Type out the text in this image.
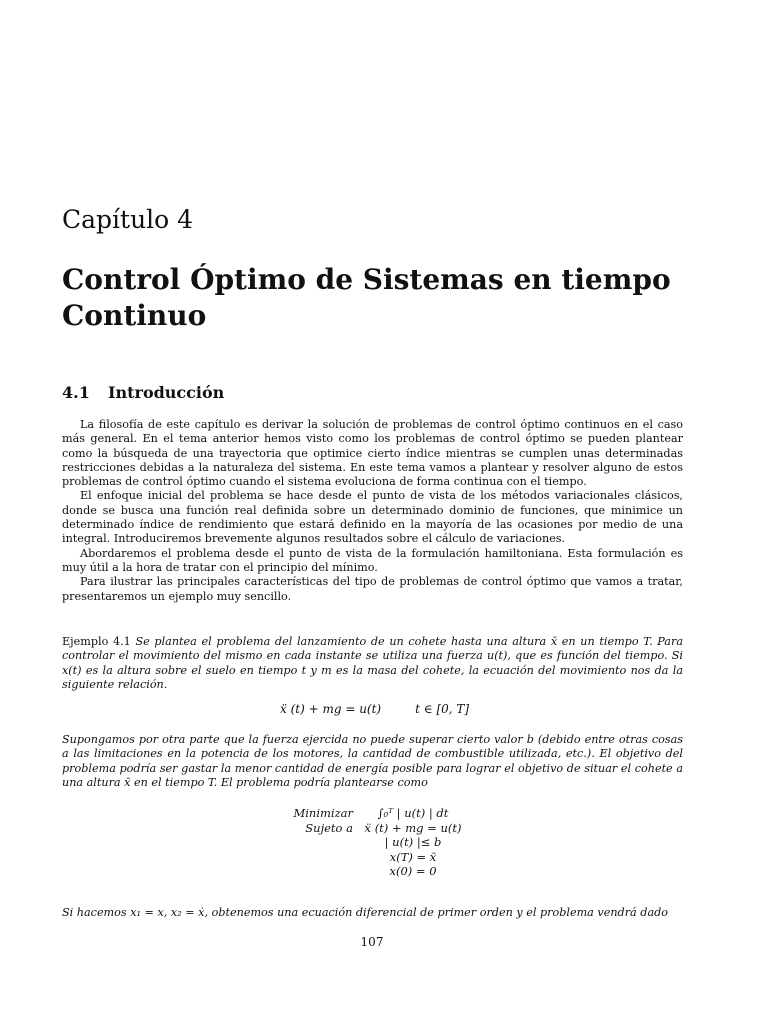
Capítulo 4
Control Óptimo de Sistemas en tiempo Continuo
4.1 Introducción

La filosofía de este capítulo es derivar la solución de problemas de control óptimo continuos en el caso más general. En el tema anterior hemos visto como los problemas de control óptimo se pueden plantear como la búsqueda de una trayectoria que optimice cierto índice mientras se cumplen unas determinadas restricciones debidas a la naturaleza del sistema. En este tema vamos a plantear y resolver alguno de estos problemas de control óptimo cuando el sistema evoluciona de forma continua con el tiempo.

El enfoque inicial del problema se hace desde el punto de vista de los métodos variacionales clásicos, donde se busca una función real definida sobre un determinado dominio de funciones, que minimice un determinado índice de rendimiento que estará definido en la mayoría de las ocasiones por medio de una integral. Introduciremos brevemente algunos resultados sobre el cálculo de variaciones.

Abordaremos el problema desde el punto de vista de la formulación hamiltoniana. Esta formulación es muy útil a la hora de tratar con el principio del mínimo.

Para ilustrar las principales características del tipo de problemas de control óptimo que vamos a tratar, presentaremos un ejemplo muy sencillo.

Ejemplo 4.1 Se plantea el problema del lanzamiento de un cohete hasta una altura x̄ en un tiempo T. Para controlar el movimiento del mismo en cada instante se utiliza una fuerza u(t), que es función del tiempo. Si x(t) es la altura sobre el suelo en tiempo t y m es la masa del cohete, la ecuación del movimiento nos da la siguiente relación.
ẍ (t) + mg = u(t)	t ∈ [0, T]
Supongamos por otra parte que la fuerza ejercida no puede superar cierto valor b (debido entre otras cosas a las limitaciones en la potencia de los motores, la cantidad de combustible utilizada, etc.). El objetivo del problema podría ser gastar la menor cantidad de energía posible para lograr el objetivo de situar el cohete a una altura x̄ en el tiempo T. El problema podría plantearse como
Minimizar	∫₀ᵀ | u(t) | dt
Sujeto a	ẍ (t) + mg = u(t)
| u(t) |≤ b
x(T) = x̄
x(0) = 0
Si hacemos x₁ = x, x₂ = ẋ, obtenemos una ecuación diferencial de primer orden y el problema vendrá dado
107
